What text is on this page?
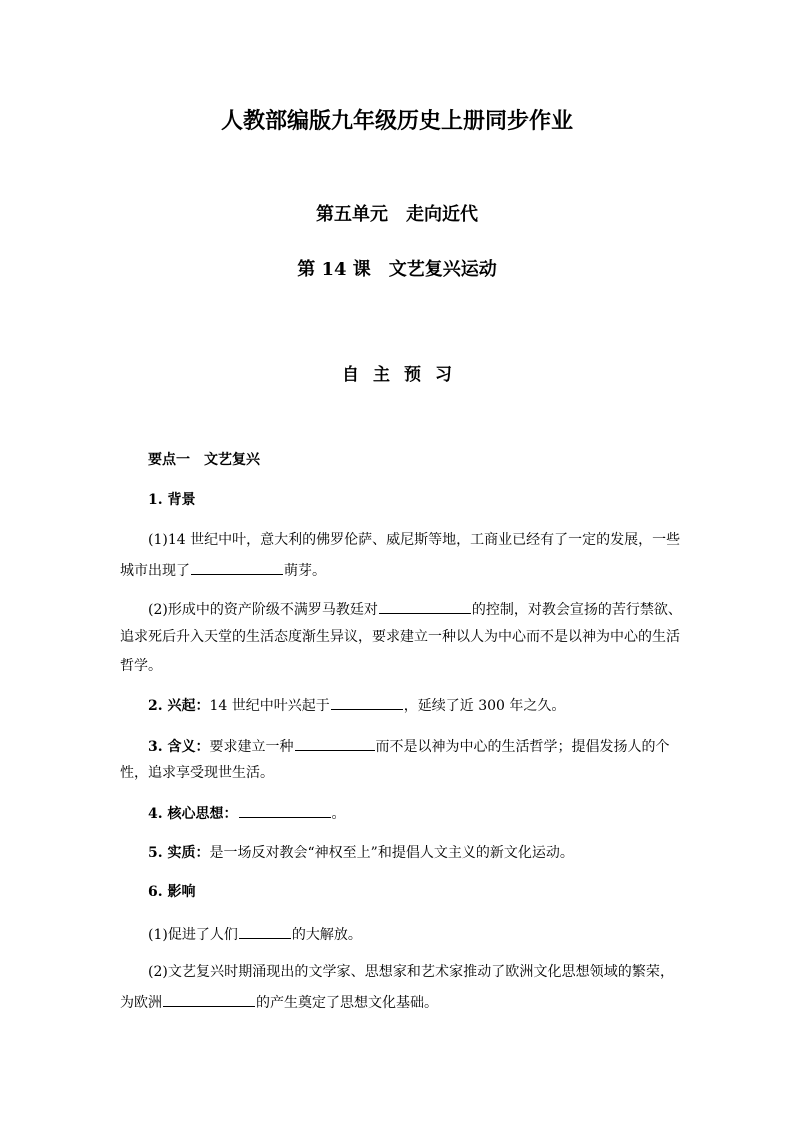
人教部编版九年级历史上册同步作业
第五单元　走向近代
第 14 课　文艺复兴运动
自主预习
要点一　文艺复兴
1. 背景
(1)14 世纪中叶，意大利的佛罗伦萨、威尼斯等地，工商业已经有了一定的发展，一些
城市出现了	萌芽。
(2)形成中的资产阶级不满罗马教廷对	的控制，对教会宣扬的苦行禁欲、
追求死后升入天堂的生活态度渐生异议，要求建立一种以人为中心而不是以神为中心的生活
哲学。
2. 兴起：14 世纪中叶兴起于	，延续了近 300 年之久。
3. 含义：要求建立一种	而不是以神为中心的生活哲学；提倡发扬人的个
性，追求享受现世生活。
4. 核心思想：	。
5. 实质：是一场反对教会“神权至上”和提倡人文主义的新文化运动。
6. 影响
(1)促进了人们	的大解放。
(2)文艺复兴时期涌现出的文学家、思想家和艺术家推动了欧洲文化思想领域的繁荣，
为欧洲	的产生奠定了思想文化基础。
